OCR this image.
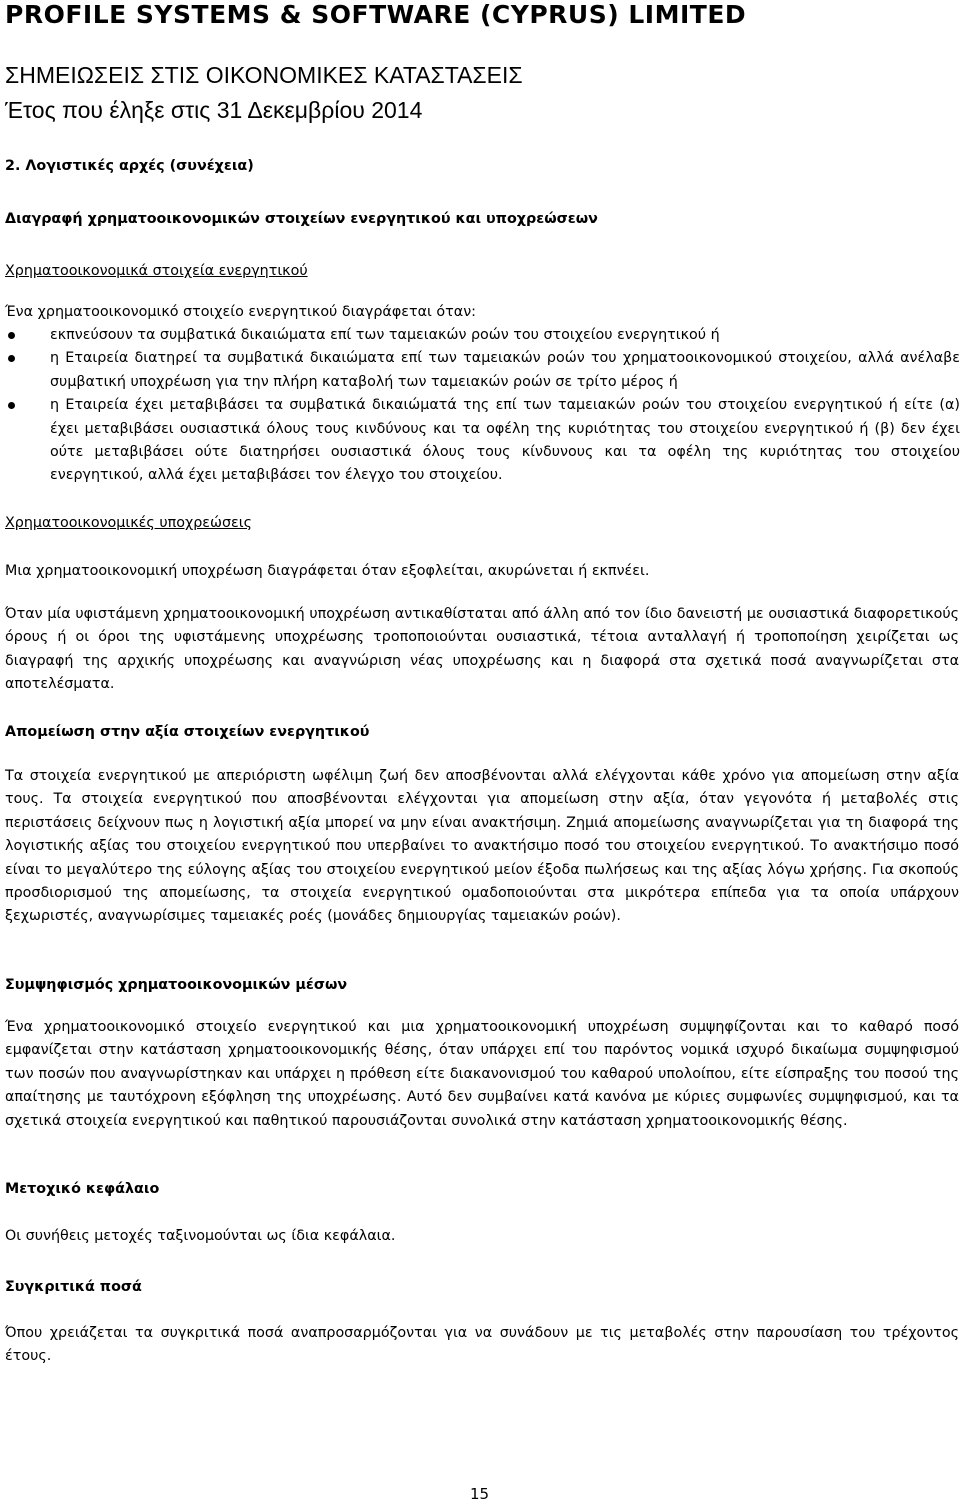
PROFILE SYSTEMS & SOFTWARE (CYPRUS) LIMITED
ΣΗΜΕΙΩΣΕΙΣ ΣΤΙΣ ΟΙΚΟΝΟΜΙΚΕΣ ΚΑΤΑΣΤΑΣΕΙΣ
Έτος που έληξε στις 31 Δεκεμβρίου 2014
2. Λογιστικές αρχές (συνέχεια)
Διαγραφή χρηματοοικονομικών στοιχείων ενεργητικού και υποχρεώσεων
Χρηματοοικονομικά στοιχεία ενεργητικού
Ένα χρηματοοικονομικό στοιχείο ενεργητικού διαγράφεται όταν:
εκπνεύσουν τα συμβατικά δικαιώματα επί των ταμειακών ροών του στοιχείου ενεργητικού ή
η Εταιρεία διατηρεί τα συμβατικά δικαιώματα επί των ταμειακών ροών του χρηματοοικονομικού στοιχείου, αλλά ανέλαβε συμβατική υποχρέωση για την πλήρη καταβολή των ταμειακών ροών σε τρίτο μέρος ή
η Εταιρεία έχει μεταβιβάσει τα συμβατικά δικαιώματά της επί των ταμειακών ροών του στοιχείου ενεργητικού ή είτε (α) έχει μεταβιβάσει ουσιαστικά όλους τους κινδύνους και τα οφέλη της κυριότητας του στοιχείου ενεργητικού ή (β) δεν έχει ούτε μεταβιβάσει ούτε διατηρήσει ουσιαστικά όλους τους κίνδυνους και τα οφέλη της κυριότητας του στοιχείου ενεργητικού, αλλά έχει μεταβιβάσει τον έλεγχο του στοιχείου.
Χρηματοοικονομικές υποχρεώσεις
Μια χρηματοοικονομική υποχρέωση διαγράφεται όταν εξοφλείται, ακυρώνεται ή εκπνέει.
Όταν μία υφιστάμενη χρηματοοικονομική υποχρέωση αντικαθίσταται από άλλη από τον ίδιο δανειστή με ουσιαστικά διαφορετικούς όρους ή οι όροι της υφιστάμενης υποχρέωσης τροποποιούνται ουσιαστικά, τέτοια ανταλλαγή ή τροποποίηση χειρίζεται ως διαγραφή της αρχικής υποχρέωσης και αναγνώριση νέας υποχρέωσης και η διαφορά στα σχετικά ποσά αναγνωρίζεται στα αποτελέσματα.
Απομείωση στην αξία στοιχείων ενεργητικού
Τα στοιχεία ενεργητικού με απεριόριστη ωφέλιμη ζωή δεν αποσβένονται αλλά ελέγχονται κάθε χρόνο για απομείωση στην αξία τους. Τα στοιχεία ενεργητικού που αποσβένονται ελέγχονται για απομείωση στην αξία, όταν γεγονότα ή μεταβολές στις περιστάσεις δείχνουν πως η λογιστική αξία μπορεί να μην είναι ανακτήσιμη. Ζημιά απομείωσης αναγνωρίζεται για τη διαφορά της λογιστικής αξίας του στοιχείου ενεργητικού που υπερβαίνει το ανακτήσιμο ποσό του στοιχείου ενεργητικού. Το ανακτήσιμο ποσό είναι το μεγαλύτερο της εύλογης αξίας του στοιχείου ενεργητικού μείον έξοδα πωλήσεως και της αξίας λόγω χρήσης. Για σκοπούς προσδιορισμού της απομείωσης, τα στοιχεία ενεργητικού ομαδοποιούνται στα μικρότερα επίπεδα για τα οποία υπάρχουν ξεχωριστές, αναγνωρίσιμες ταμειακές ροές (μονάδες δημιουργίας ταμειακών ροών).
Συμψηφισμός χρηματοοικονομικών μέσων
Ένα χρηματοοικονομικό στοιχείο ενεργητικού και μια χρηματοοικονομική υποχρέωση συμψηφίζονται και το καθαρό ποσό εμφανίζεται στην κατάσταση χρηματοοικονομικής θέσης, όταν υπάρχει επί του παρόντος νομικά ισχυρό δικαίωμα συμψηφισμού των ποσών που αναγνωρίστηκαν και υπάρχει η πρόθεση είτε διακανονισμού του καθαρού υπολοίπου, είτε είσπραξης του ποσού της απαίτησης με ταυτόχρονη εξόφληση της υποχρέωσης. Αυτό δεν συμβαίνει κατά κανόνα με κύριες συμφωνίες συμψηφισμού, και τα σχετικά στοιχεία ενεργητικού και παθητικού παρουσιάζονται συνολικά στην κατάσταση χρηματοοικονομικής θέσης.
Μετοχικό κεφάλαιο
Οι συνήθεις μετοχές ταξινομούνται ως ίδια κεφάλαια.
Συγκριτικά ποσά
Όπου χρειάζεται τα συγκριτικά ποσά αναπροσαρμόζονται για να συνάδουν με τις μεταβολές στην παρουσίαση του τρέχοντος έτους.
15
